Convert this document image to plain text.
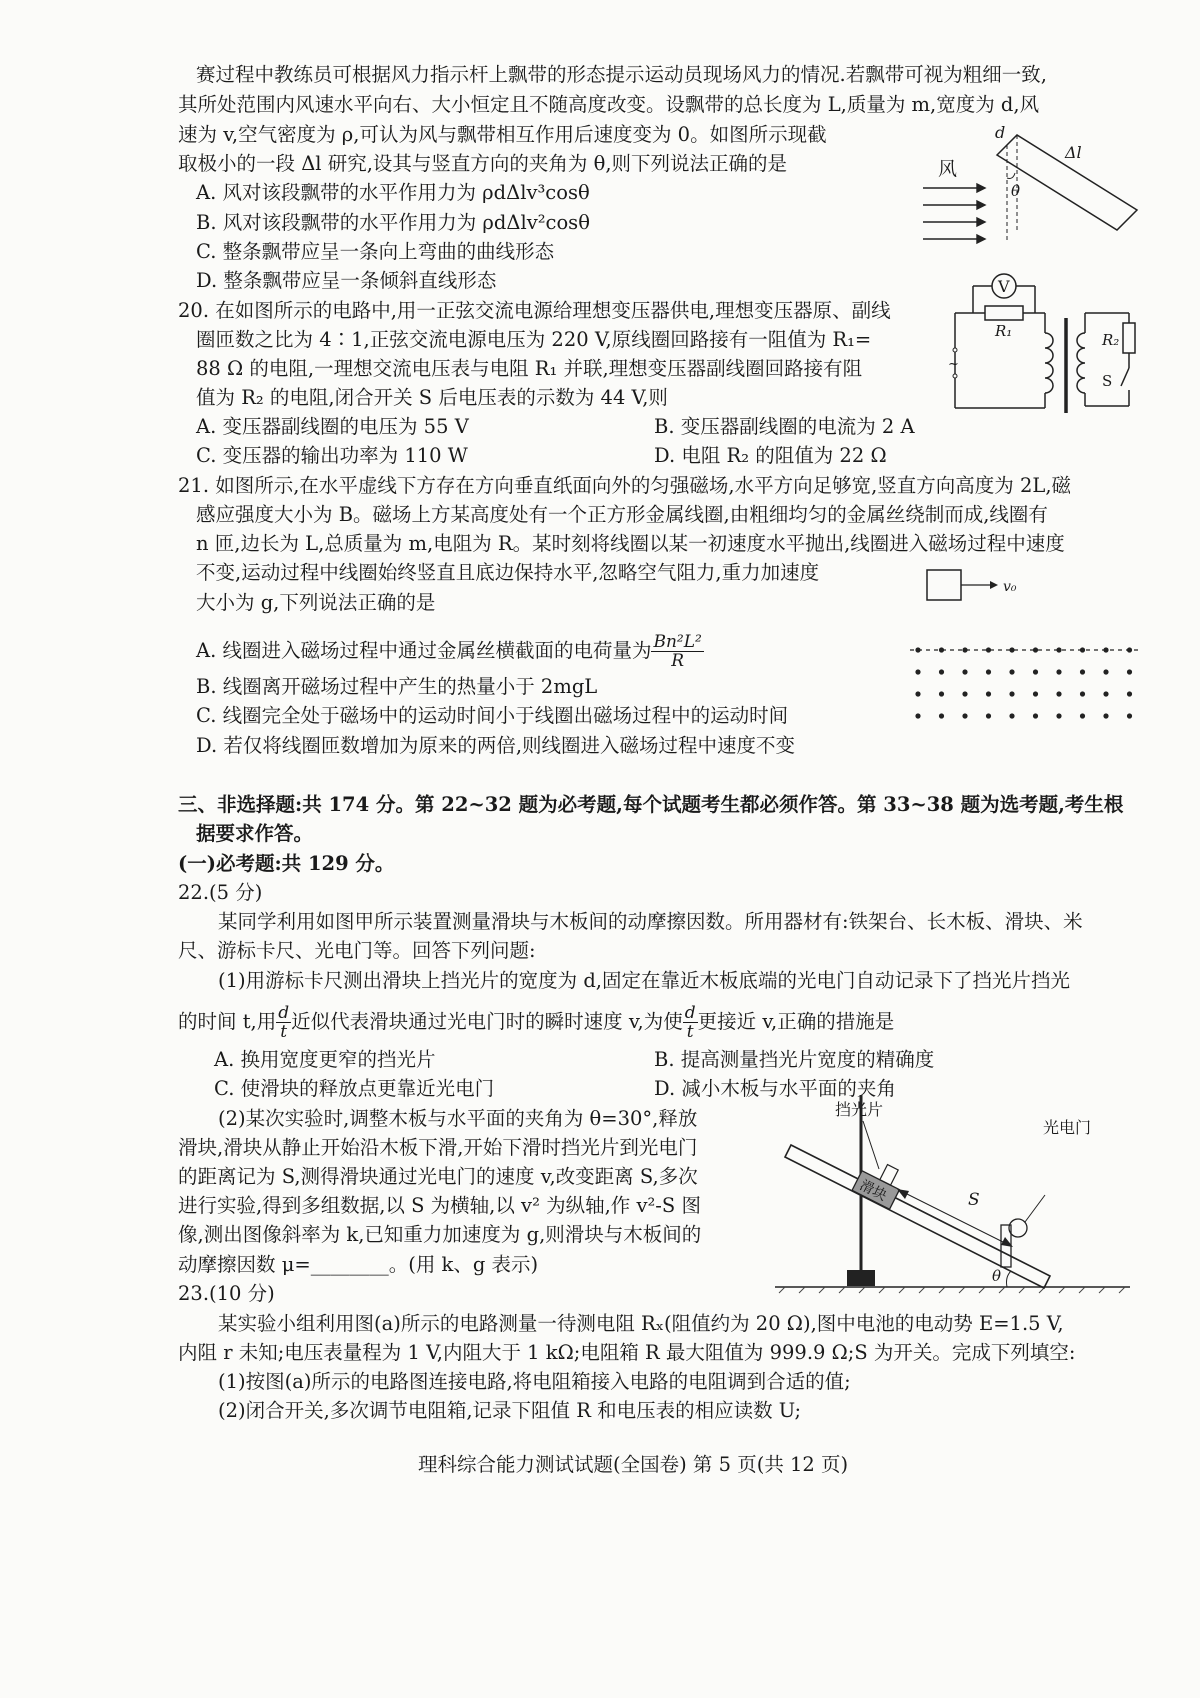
赛过程中教练员可根据风力指示杆上飘带的形态提示运动员现场风力的情况.若飘带可视为粗细一致,
其所处范围内风速水平向右、大小恒定且不随高度改变。设飘带的总长度为 L,质量为 m,宽度为 d,风
速为 v,空气密度为 ρ,可认为风与飘带相互作用后速度变为 0。如图所示现截
取极小的一段 Δl 研究,设其与竖直方向的夹角为 θ,则下列说法正确的是
A. 风对该段飘带的水平作用力为 ρdΔlv³cosθ
B. 风对该段飘带的水平作用力为 ρdΔlv²cosθ
C. 整条飘带应呈一条向上弯曲的曲线形态
D. 整条飘带应呈一条倾斜直线形态
风
d
Δl
θ
20. 在如图所示的电路中,用一正弦交流电源给理想变压器供电,理想变压器原、副线
圈匝数之比为 4∶1,正弦交流电源电压为 220 V,原线圈回路接有一阻值为 R₁=
88 Ω 的电阻,一理想交流电压表与电阻 R₁ 并联,理想变压器副线圈回路接有阻
值为 R₂ 的电阻,闭合开关 S 后电压表的示数为 44 V,则
A. 变压器副线圈的电压为 55 V	B. 变压器副线圈的电流为 2 A
C. 变压器的输出功率为 110 W	D. 电阻 R₂ 的阻值为 22 Ω
V
R₁	R₂
S
~
21. 如图所示,在水平虚线下方存在方向垂直纸面向外的匀强磁场,水平方向足够宽,竖直方向高度为 2L,磁
感应强度大小为 B。磁场上方某高度处有一个正方形金属线圈,由粗细均匀的金属丝绕制而成,线圈有
n 匝,边长为 L,总质量为 m,电阻为 R。某时刻将线圈以某一初速度水平抛出,线圈进入磁场过程中速度
不变,运动过程中线圈始终竖直且底边保持水平,忽略空气阻力,重力加速度
大小为 g,下列说法正确的是
A. 线圈进入磁场过程中通过金属丝横截面的电荷量为 $\frac{\text{Bn²L²}}{R}$
B. 线圈离开磁场过程中产生的热量小于 2mgL
C. 线圈完全处于磁场中的运动时间小于线圈出磁场过程中的运动时间
D. 若仅将线圈匝数增加为原来的两倍,则线圈进入磁场过程中速度不变
v₀
三、非选择题:共 174 分。第 22~32 题为必考题,每个试题考生都必须作答。第 33~38 题为选考题,考生根
据要求作答。
(一)必考题:共 129 分。
22.(5 分)
某同学利用如图甲所示装置测量滑块与木板间的动摩擦因数。所用器材有:铁架台、长木板、滑块、米
尺、游标卡尺、光电门等。回答下列问题:
(1)用游标卡尺测出滑块上挡光片的宽度为 d,固定在靠近木板底端的光电门自动记录下了挡光片挡光
的时间 t,用 $\frac{d}{t}$ 近似代表滑块通过光电门时的瞬时速度 v,为使 $\frac{d}{t}$ 更接近 v,正确的措施是
A. 换用宽度更窄的挡光片	B. 提高测量挡光片宽度的精确度
C. 使滑块的释放点更靠近光电门	D. 减小木板与水平面的夹角
(2)某次实验时,调整木板与水平面的夹角为 θ=30°,释放
滑块,滑块从静止开始沿木板下滑,开始下滑时挡光片到光电门
的距离记为 S,测得滑块通过光电门的速度 v,改变距离 S,多次
进行实验,得到多组数据,以 S 为横轴,以 v² 为纵轴,作 v²-S 图
像,测出图像斜率为 k,已知重力加速度为 g,则滑块与木板间的
动摩擦因数 μ=________。(用 k、g 表示)
滑块
挡光片
S
光电门
θ
23.(10 分)
某实验小组利用图(a)所示的电路测量一待测电阻 Rₓ(阻值约为 20 Ω),图中电池的电动势 E=1.5 V,
内阻 r 未知;电压表量程为 1 V,内阻大于 1 kΩ;电阻箱 R 最大阻值为 999.9 Ω;S 为开关。完成下列填空:
(1)按图(a)所示的电路图连接电路,将电阻箱接入电路的电阻调到合适的值;
(2)闭合开关,多次调节电阻箱,记录下阻值 R 和电压表的相应读数 U;
理科综合能力测试试题(全国卷) 第 5 页(共 12 页)
